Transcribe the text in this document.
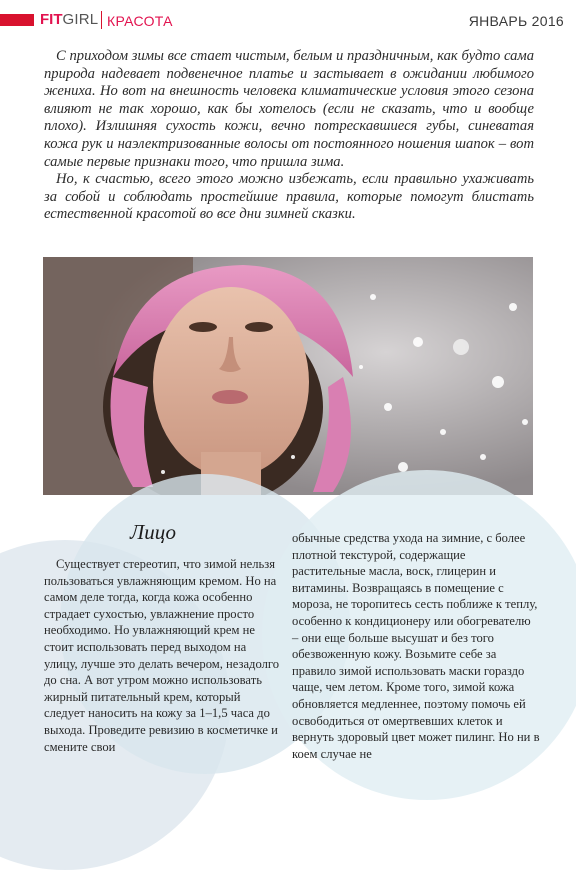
FITGIRL КРАСОТА	ЯНВАРЬ 2016

С приходом зимы все стает чистым, белым и праздничным, как будто сама природа надевает подвенечное платье и застывает в ожидании любимого жениха. Но вот на внешность человека климатические условия этого сезона влияют не так хорошо, как бы хотелось (если не сказать, что и вообще плохо). Излишняя сухость кожи, вечно потрескавшиеся губы, синеватая кожа рук и наэлектризованные волосы от постоянного ношения шапок – вот самые первые признаки того, что пришла зима.

Но, к счастью, всего этого можно избежать, если правильно ухаживать за собой и соблюдать простейшие правила, которые помогут блистать естественной красотой во все дни зимней сказки.

Лицо

Существует стереотип, что зимой нельзя пользоваться увлажняющим кремом. Но на самом деле тогда, когда кожа особенно страдает сухостью, увлажнение просто необходимо. Но увлажняющий крем не стоит использовать перед выходом на улицу, лучше это делать вечером, незадолго до сна. А вот утром можно использовать жирный питательный крем, который следует наносить на кожу за 1–1,5 часа до выхода. Проведите ревизию в косметичке и смените свои

обычные средства ухода на зимние, с более плотной текстурой, содержащие растительные масла, воск, глицерин и витамины. Возвращаясь в помещение с мороза, не торопитесь сесть поближе к теплу, особенно к кондиционеру или обогревателю – они еще больше высушат и без того обезвоженную кожу. Возьмите себе за правило зимой использовать маски гораздо чаще, чем летом. Кроме того, зимой кожа обновляется медленнее, поэтому помочь ей освободиться от омертвевших клеток и вернуть здоровый цвет может пилинг. Но ни в коем случае не
